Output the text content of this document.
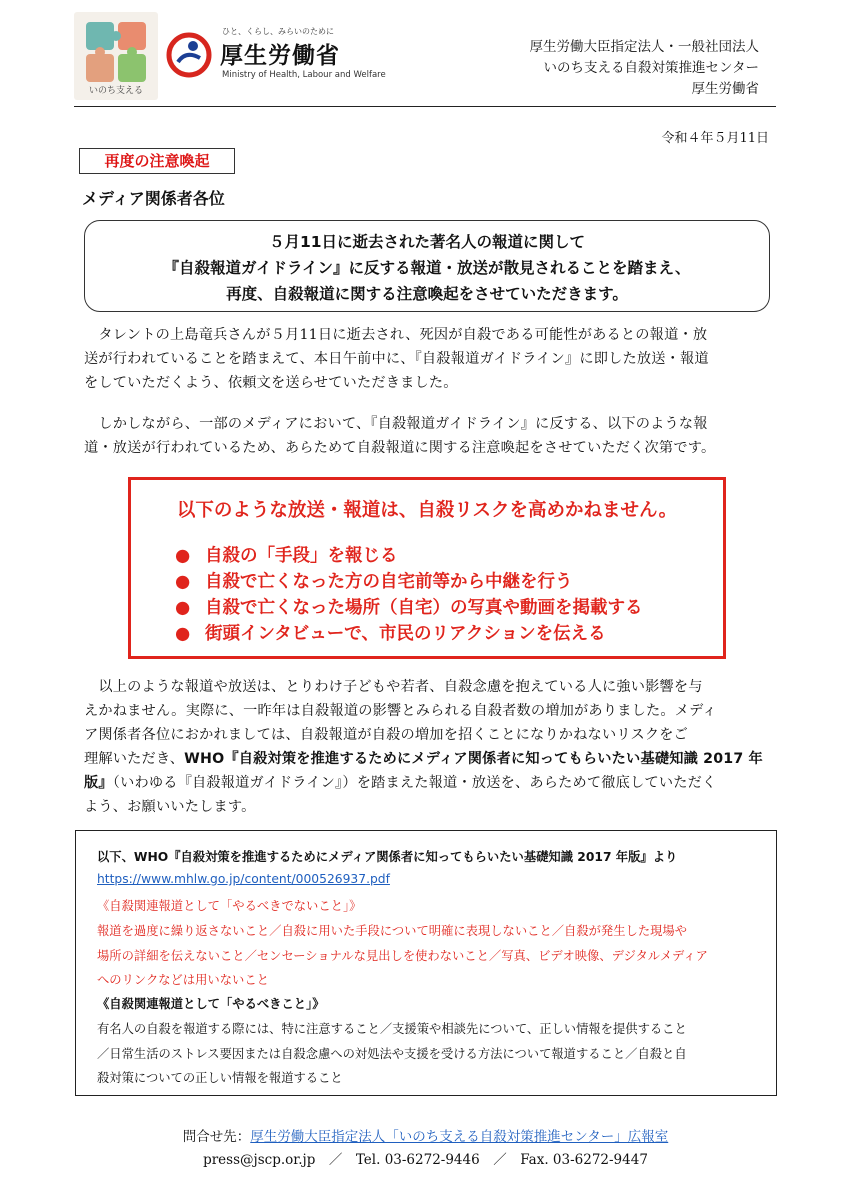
いのち支える
ひと、くらし、みらいのために
厚生労働省
Ministry of Health, Labour and Welfare
厚生労働大臣指定法人・一般社団法人
いのち支える自殺対策推進センター
厚生労働省
令和４年５月11日
再度の注意喚起
メディア関係者各位
５月11日に逝去された著名人の報道に関して
『自殺報道ガイドライン』に反する報道・放送が散見されることを踏まえ、
再度、自殺報道に関する注意喚起をさせていただきます。
　タレントの上島竜兵さんが５月11日に逝去され、死因が自殺である可能性があるとの報道・放
送が行われていることを踏まえて、本日午前中に、『自殺報道ガイドライン』に即した放送・報道
をしていただくよう、依頼文を送らせていただきました。
　しかしながら、一部のメディアにおいて、『自殺報道ガイドライン』に反する、以下のような報
道・放送が行われているため、あらためて自殺報道に関する注意喚起をさせていただく次第です。
以下のような放送・報道は、自殺リスクを高めかねません。
● 自殺の「手段」を報じる
● 自殺で亡くなった方の自宅前等から中継を行う
● 自殺で亡くなった場所（自宅）の写真や動画を掲載する
● 街頭インタビューで、市民のリアクションを伝える
　以上のような報道や放送は、とりわけ子どもや若者、自殺念慮を抱えている人に強い影響を与
えかねません。実際に、一昨年は自殺報道の影響とみられる自殺者数の増加がありました。メディ
ア関係者各位におかれましては、自殺報道が自殺の増加を招くことになりかねないリスクをご
理解いただき、WHO『自殺対策を推進するためにメディア関係者に知ってもらいたい基礎知識 2017 年
版』（いわゆる『自殺報道ガイドライン』）を踏まえた報道・放送を、あらためて徹底していただく
よう、お願いいたします。
以下、WHO『自殺対策を推進するためにメディア関係者に知ってもらいたい基礎知識 2017 年版』より
https://www.mhlw.go.jp/content/000526937.pdf
《自殺関連報道として「やるべきでないこと」》
報道を過度に繰り返さないこと／自殺に用いた手段について明確に表現しないこと／自殺が発生した現場や
場所の詳細を伝えないこと／センセーショナルな見出しを使わないこと／写真、ビデオ映像、デジタルメディア
へのリンクなどは用いないこと
《自殺関連報道として「やるべきこと」》
有名人の自殺を報道する際には、特に注意すること／支援策や相談先について、正しい情報を提供すること
／日常生活のストレス要因または自殺念慮への対処法や支援を受ける方法について報道すること／自殺と自
殺対策についての正しい情報を報道すること
問合せ先：厚生労働大臣指定法人「いのち支える自殺対策推進センター」広報室
press@jscp.or.jp　／　Tel. 03-6272-9446　／　Fax. 03-6272-9447
